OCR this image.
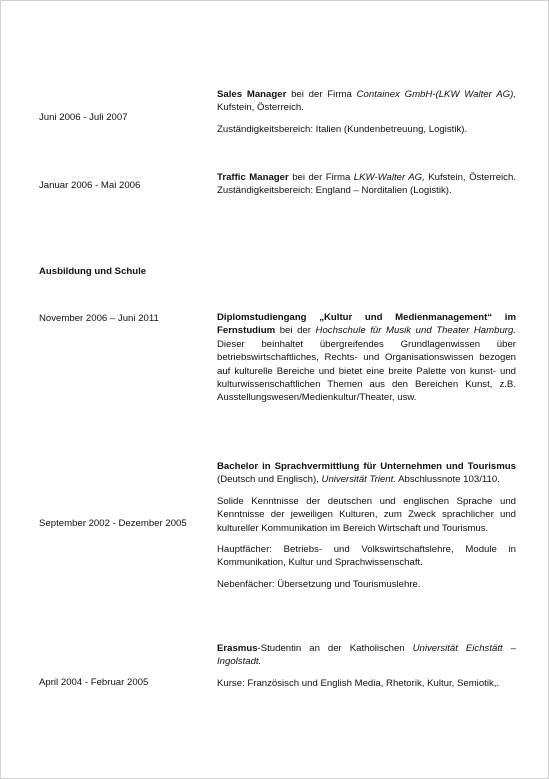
Juni 2006 - Juli 2007

Sales Manager bei der Firma Containex GmbH-(LKW Walter AG), Kufstein, Österreich.

Zuständigkeitsbereich: Italien (Kundenbetreuung, Logistik).

Januar 2006 - Mai 2006

Traffic Manager bei der Firma LKW-Walter AG, Kufstein, Österreich. Zuständigkeitsbereich: England – Norditalien (Logistik).

Ausbildung und Schule
November 2006 – Juni 2011	Diplomstudiengang „Kultur und Medienmanagement“ im Fernstudium bei der Hochschule für Musik und Theater Hamburg. Dieser beinhaltet übergreifendes Grundlagenwissen über betriebswirtschaftliches, Rechts- und Organisationswissen bezogen auf kulturelle Bereiche und bietet eine breite Palette von kunst- und kulturwissenschaftlichen Themen aus den Bereichen Kunst, z.B. Ausstellungswesen/Medienkultur/Theater, usw.

September 2002 - Dezember 2005

Bachelor in Sprachvermittlung für Unternehmen und Tourismus (Deutsch und Englisch), Universität Trient. Abschlussnote 103/110.

Solide Kenntnisse der deutschen und englischen Sprache und Kenntnisse der jeweiligen Kulturen, zum Zweck sprachlicher und kultureller Kommunikation im Bereich Wirtschaft und Tourismus.

Hauptfächer: Betriebs- und Volkswirtschaftslehre, Module in Kommunikation, Kultur und Sprachwissenschaft.

Nebenfächer: Übersetzung und Tourismuslehre.

April 2004 - Februar 2005

Erasmus-Studentin an der Katholischen Universität Eichstätt – Ingolstadt.

Kurse: Französisch und English Media, Rhetorik, Kultur, Semiotik,.
